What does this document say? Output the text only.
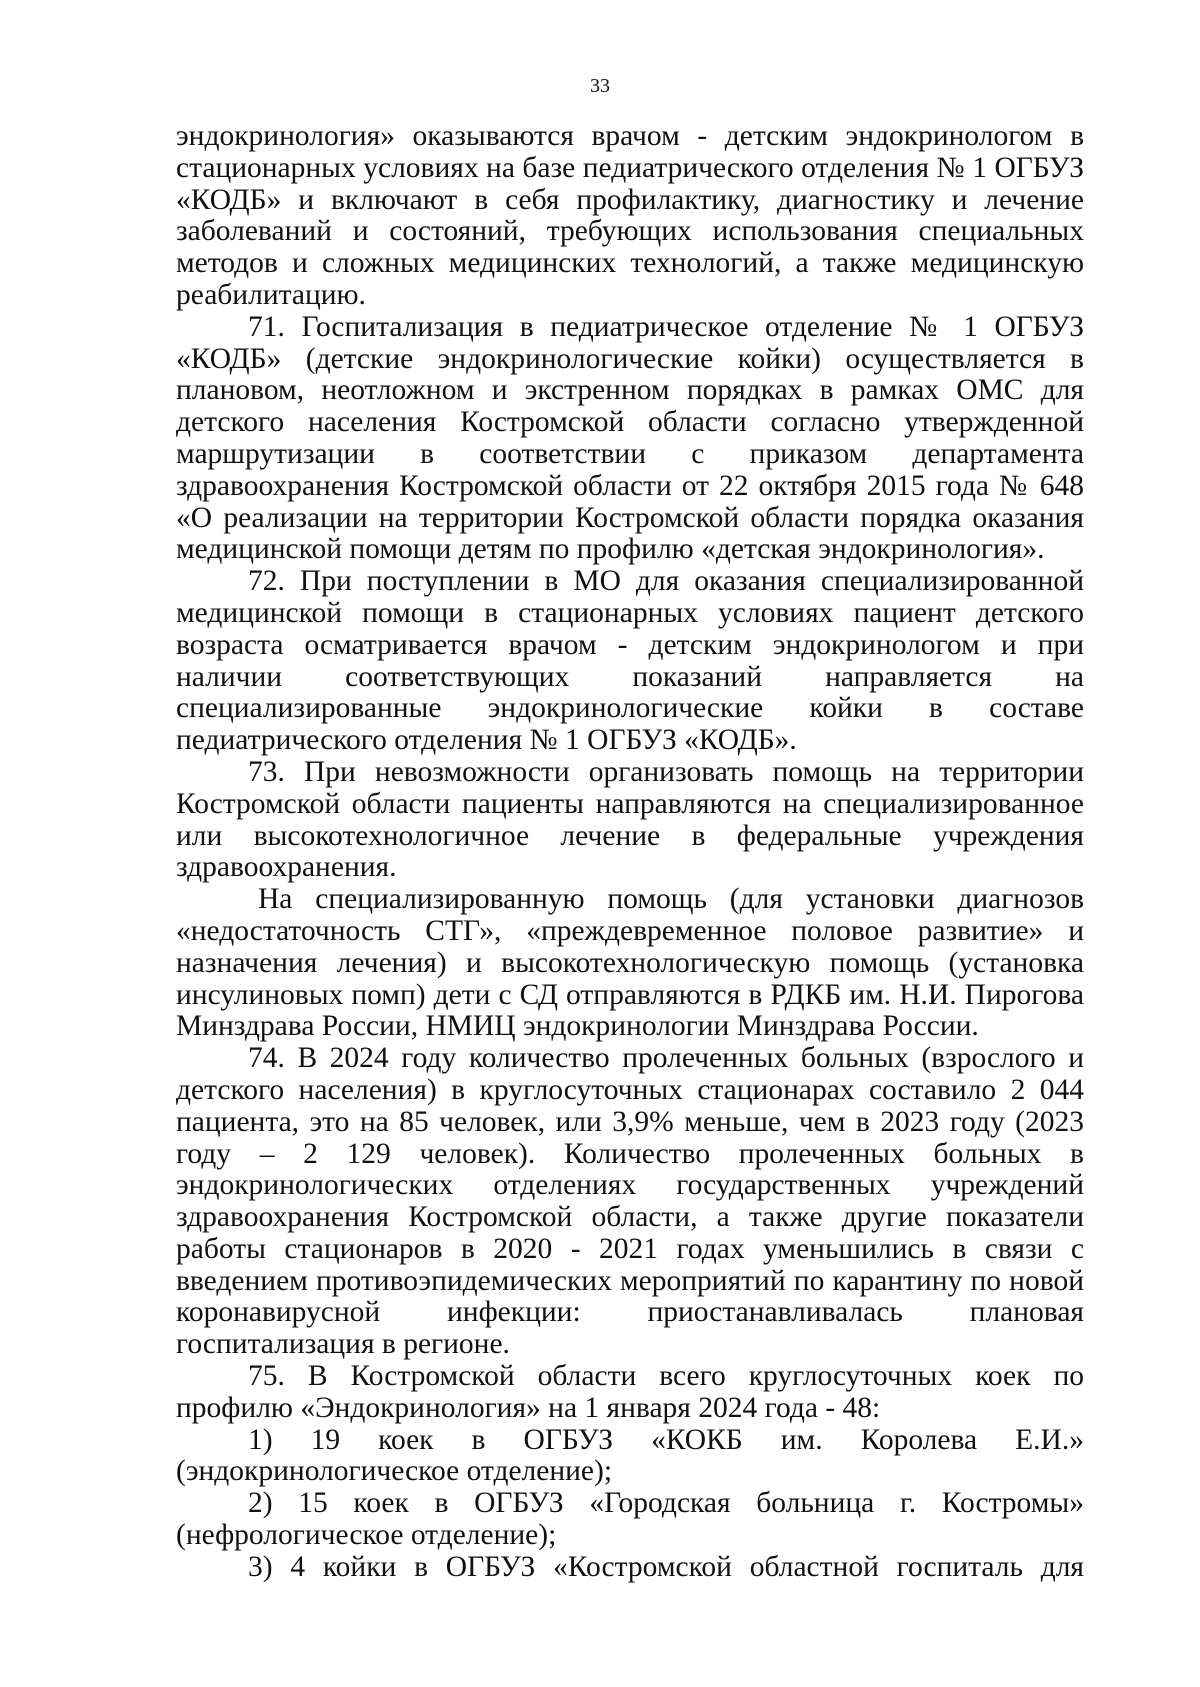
33

эндокринология» оказываются врачом - детским эндокринологом в стационарных условиях на базе педиатрического отделения № 1 ОГБУЗ «КОДБ» и включают в себя профилактику, диагностику и лечение заболеваний и состояний, требующих использования специальных методов и сложных медицинских технологий, а также медицинскую реабилитацию.

71. Госпитализация в педиатрическое отделение № 1 ОГБУЗ «КОДБ» (детские эндокринологические койки) осуществляется в плановом, неотложном и экстренном порядках в рамках ОМС для детского населения Костромской области согласно утвержденной маршрутизации в соответствии с приказом департамента здравоохранения Костромской области от 22 октября 2015 года № 648 «О реализации на территории Костромской области порядка оказания медицинской помощи детям по профилю «детская эндокринология».

72. При поступлении в МО для оказания специализированной медицинской помощи в стационарных условиях пациент детского возраста осматривается врачом - детским эндокринологом и при наличии соответствующих показаний направляется на специализированные эндокринологические койки в составе педиатрического отделения № 1 ОГБУЗ «КОДБ».

73. При невозможности организовать помощь на территории Костромской области пациенты направляются на специализированное или высокотехнологичное лечение в федеральные учреждения здравоохранения.

На специализированную помощь (для установки диагнозов «недостаточность СТГ», «преждевременное половое развитие» и назначения лечения) и высокотехнологическую помощь (установка инсулиновых помп) дети с СД отправляются в РДКБ им. Н.И. Пирогова Минздрава России, НМИЦ эндокринологии Минздрава России.

74. В 2024 году количество пролеченных больных (взрослого и детского населения) в круглосуточных стационарах составило 2 044 пациента, это на 85 человек, или 3,9% меньше, чем в 2023 году (2023 году – 2 129 человек). Количество пролеченных больных в эндокринологических отделениях государственных учреждений здравоохранения Костромской области, а также другие показатели работы стационаров в 2020 - 2021 годах уменьшились в связи с введением противоэпидемических мероприятий по карантину по новой коронавирусной инфекции: приостанавливалась плановая госпитализация в регионе.

75. В Костромской области всего круглосуточных коек по профилю «Эндокринология» на 1 января 2024 года - 48:

1) 19 коек в ОГБУЗ «КОКБ им. Королева Е.И.» (эндокринологическое отделение);

2) 15 коек в ОГБУЗ «Городская больница г. Костромы» (нефрологическое отделение);

3) 4 койки в ОГБУЗ «Костромской областной госпиталь для
